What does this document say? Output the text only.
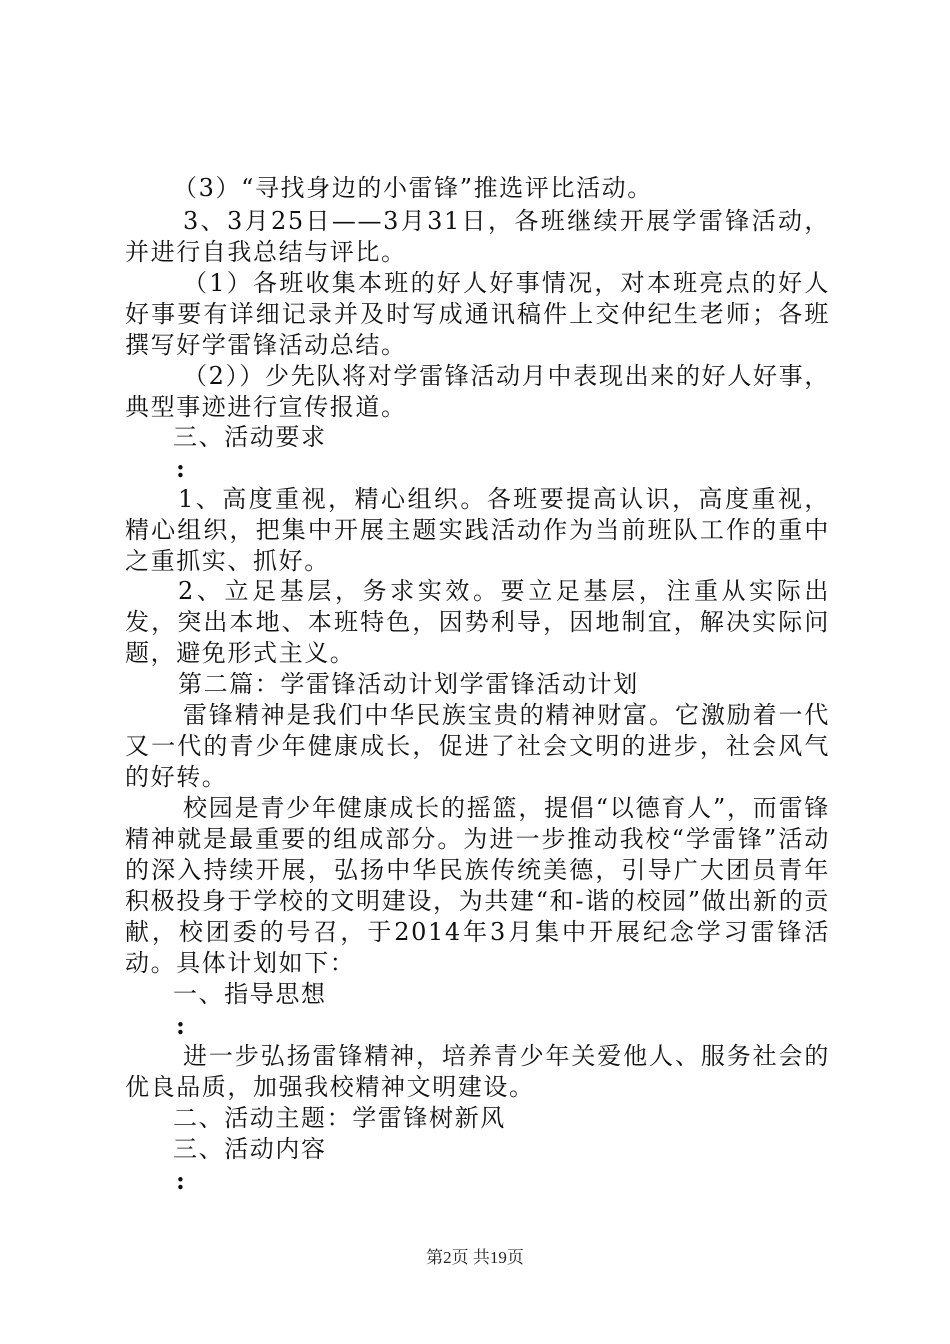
（3）“寻找身边的小雷锋”推选评比活动。

3、3月25日——3月31日，各班继续开展学雷锋活动，并进行自我总结与评比。

（1）各班收集本班的好人好事情况，对本班亮点的好人好事要有详细记录并及时写成通讯稿件上交仲纪生老师；各班撰写好学雷锋活动总结。

（2））少先队将对学雷锋活动月中表现出来的好人好事，典型事迹进行宣传报道。

三、活动要求

:

1、高度重视，精心组织。各班要提高认识，高度重视，精心组织，把集中开展主题实践活动作为当前班队工作的重中之重抓实、抓好。

2、立足基层，务求实效。要立足基层，注重从实际出发，突出本地、本班特色，因势利导，因地制宜，解决实际问题，避免形式主义。

第二篇：学雷锋活动计划学雷锋活动计划

雷锋精神是我们中华民族宝贵的精神财富。它激励着一代又一代的青少年健康成长，促进了社会文明的进步，社会风气的好转。

校园是青少年健康成长的摇篮，提倡“以德育人”，而雷锋精神就是最重要的组成部分。为进一步推动我校“学雷锋”活动的深入持续开展，弘扬中华民族传统美德，引导广大团员青年积极投身于学校的文明建设，为共建“和-谐的校园”做出新的贡献，校团委的号召，于2014年3月集中开展纪念学习雷锋活动。具体计划如下：

一、指导思想

:

进一步弘扬雷锋精神，培养青少年关爱他人、服务社会的优良品质，加强我校精神文明建设。

二、活动主题：学雷锋树新风

三、活动内容

:

第2页 共19页
